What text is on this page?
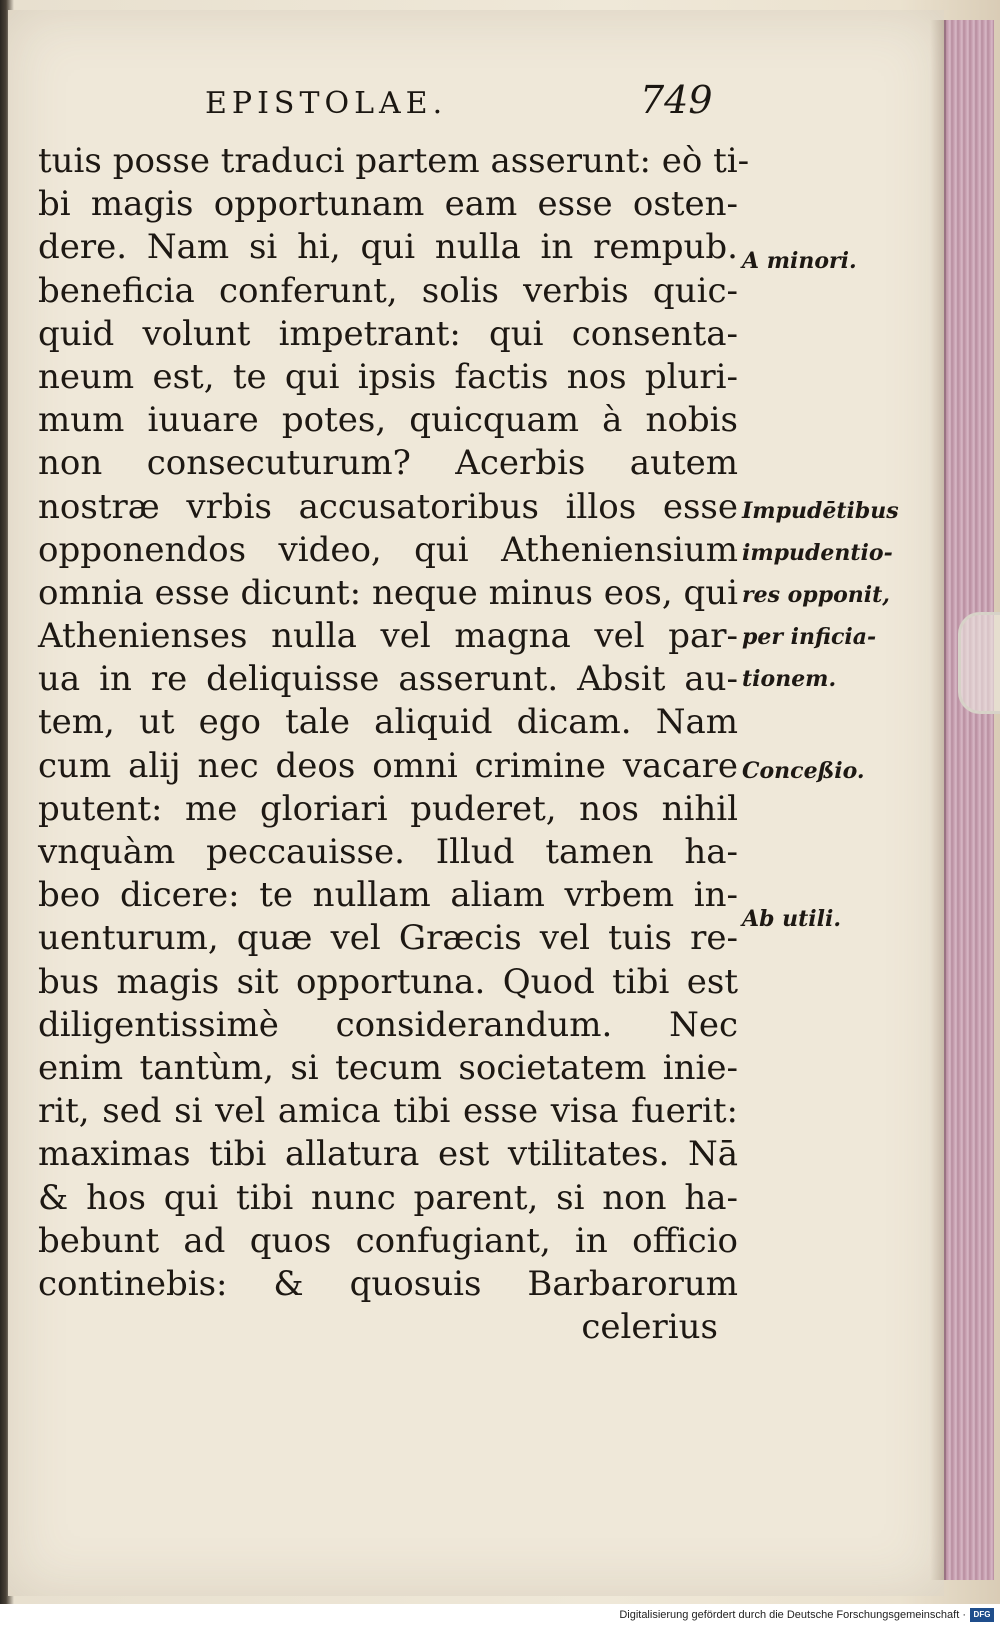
EPISTOLAE.	749
tuis posse traduci partem asserunt: eò ti-
bi magis opportunam eam esse osten-
dere. Nam si hi, qui nulla in rempub.
beneficia conferunt, solis verbis quic-
quid volunt impetrant: qui consenta-
neum est, te qui ipsis factis nos pluri-
mum iuuare potes, quicquam à nobis
non consecuturum? Acerbis autem
nostræ vrbis accusatoribus illos esse
opponendos video, qui Atheniensium
omnia esse dicunt: neque minus eos, qui
Athenienses nulla vel magna vel par-
ua in re deliquisse asserunt. Absit au-
tem, ut ego tale aliquid dicam. Nam
cum alij nec deos omni crimine vacare
putent: me gloriari puderet, nos nihil
vnquàm peccauisse. Illud tamen ha-
beo dicere: te nullam aliam vrbem in-
uenturum, quæ vel Græcis vel tuis re-
bus magis sit opportuna. Quod tibi est
diligentissimè considerandum. Nec
enim tantùm, si tecum societatem inie-
rit, sed si vel amica tibi esse visa fuerit:
maximas tibi allatura est vtilitates. Nā
& hos qui tibi nunc parent, si non ha-
bebunt ad quos confugiant, in officio
continebis: & quosuis Barbarorum
celerius
A minori.
Impudētibus
impudentio-
res opponit,
per inficia-
tionem.
Conceßio.
Ab utili.
Digitalisierung gefördert durch die Deutsche Forschungsgemeinschaft · DFG
